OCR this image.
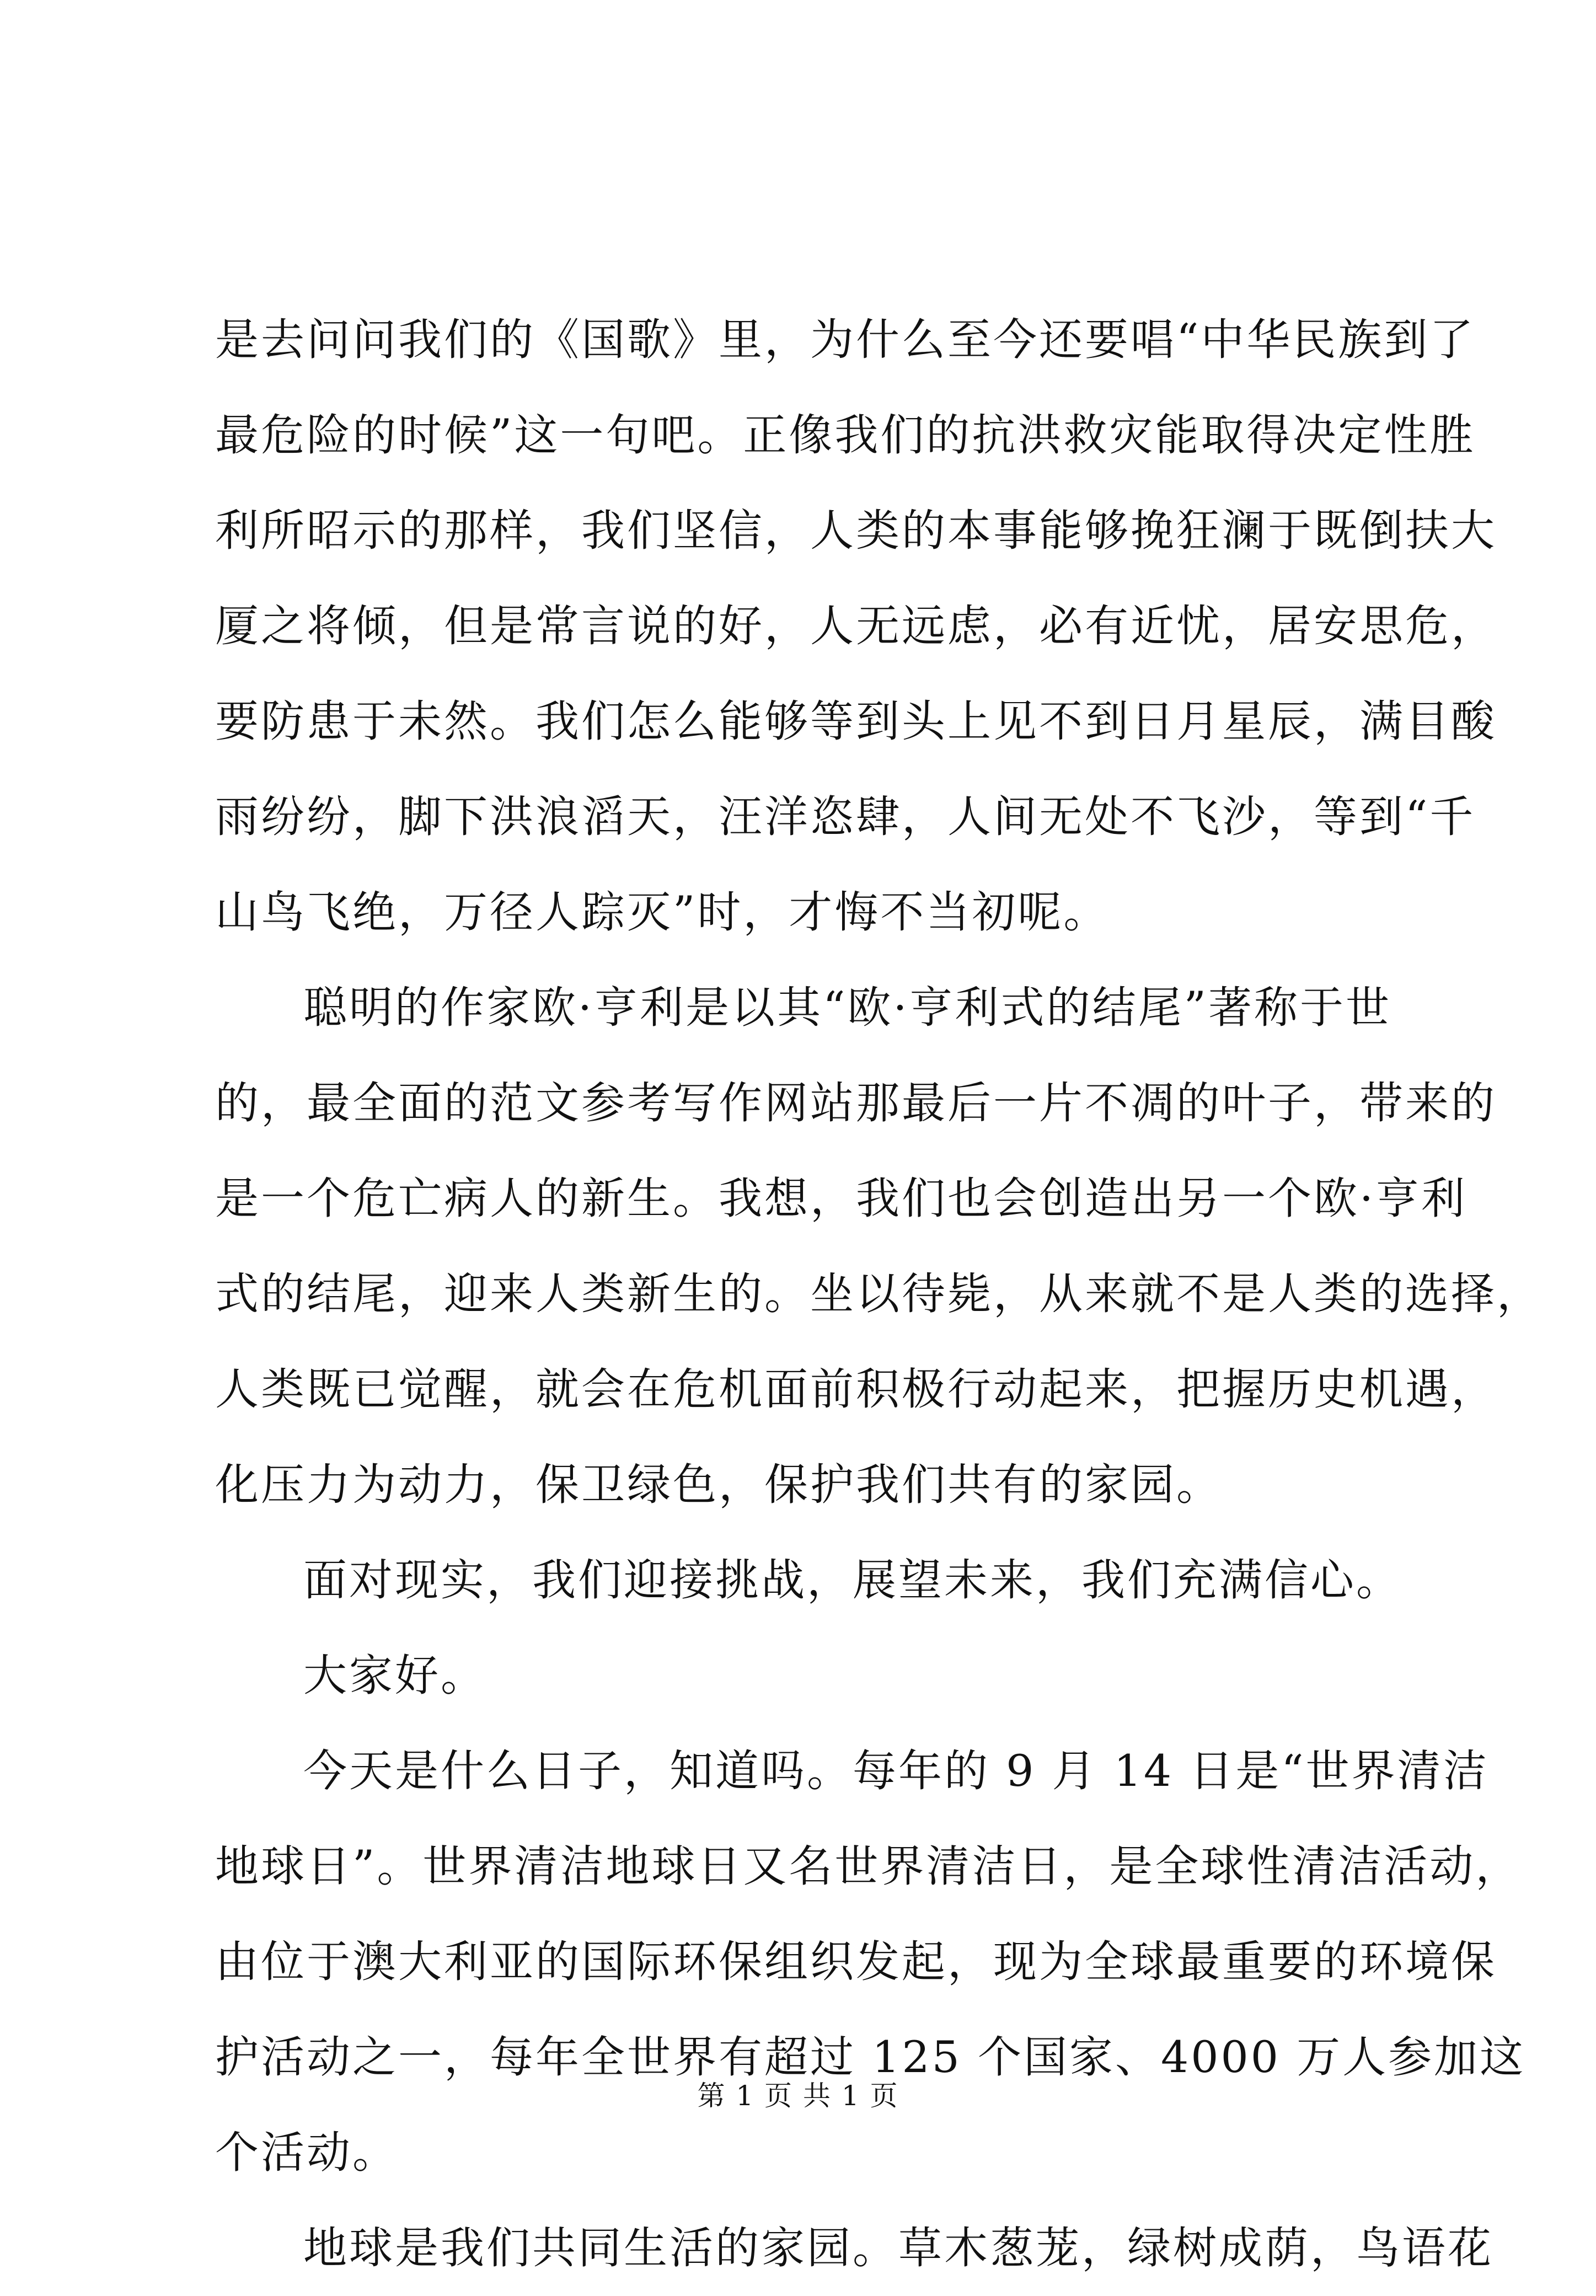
是去问问我们的《国歌》里，为什么至今还要唱“中华民族到了
最危险的时候”这一句吧。正像我们的抗洪救灾能取得决定性胜
利所昭示的那样，我们坚信，人类的本事能够挽狂澜于既倒扶大
厦之将倾，但是常言说的好，人无远虑，必有近忧，居安思危，
要防患于未然。我们怎么能够等到头上见不到日月星辰，满目酸
雨纷纷，脚下洪浪滔天，汪洋恣肆，人间无处不飞沙，等到“千
山鸟飞绝，万径人踪灭”时，才悔不当初呢。
聪明的作家欧·亨利是以其“欧·亨利式的结尾”著称于世
的，最全面的范文参考写作网站那最后一片不凋的叶子，带来的
是一个危亡病人的新生。我想，我们也会创造出另一个欧·亨利
式的结尾，迎来人类新生的。坐以待毙，从来就不是人类的选择，
人类既已觉醒，就会在危机面前积极行动起来，把握历史机遇，
化压力为动力，保卫绿色，保护我们共有的家园。
面对现实，我们迎接挑战，展望未来，我们充满信心。
大家好。
今天是什么日子，知道吗。每年的 9 月 14 日是“世界清洁
地球日”。世界清洁地球日又名世界清洁日，是全球性清洁活动，
由位于澳大利亚的国际环保组织发起，现为全球最重要的环境保
护活动之一，每年全世界有超过 125 个国家、4000 万人参加这
个活动。
地球是我们共同生活的家园。草木葱茏，绿树成荫，鸟语花
第 1 页 共 1 页
